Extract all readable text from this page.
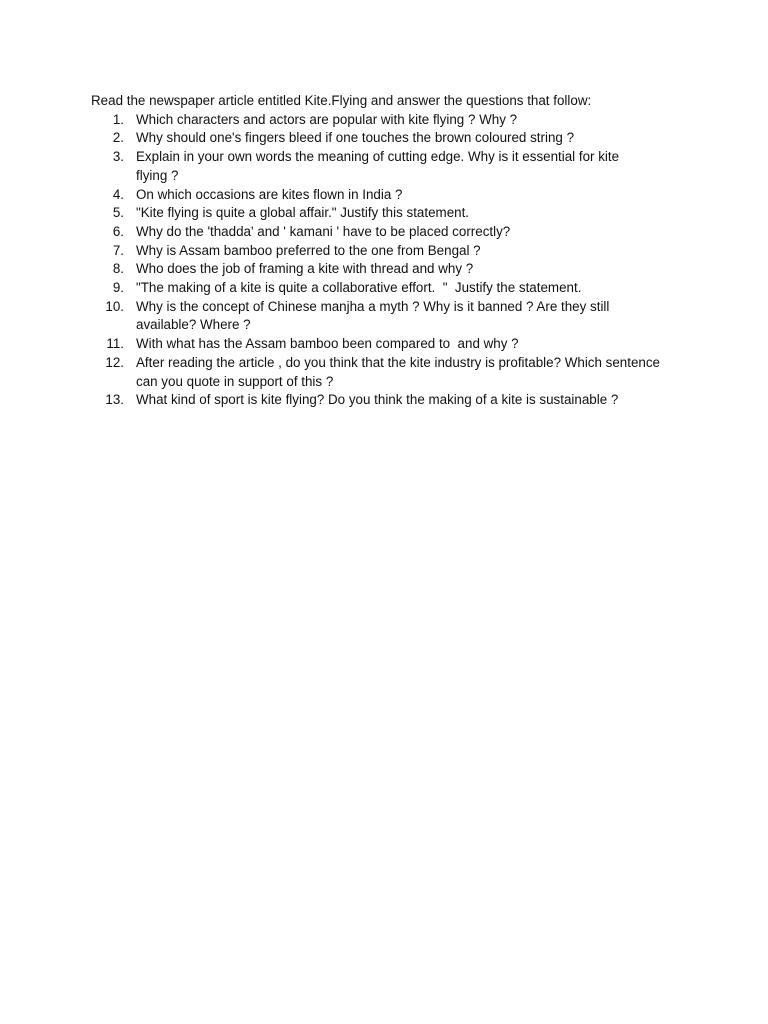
Read the newspaper article entitled Kite.Flying and answer the questions that follow:

1. Which characters and actors are popular with kite flying ? Why ?
2. Why should one's fingers bleed if one touches the brown coloured string ?
3. Explain in your own words the meaning of cutting edge. Why is it essential for kite flying ?
4. On which occasions are kites flown in India ?
5. "Kite flying is quite a global affair." Justify this statement.
6. Why do the 'thadda' and ' kamani ' have to be placed correctly?
7. Why is Assam bamboo preferred to the one from Bengal ?
8. Who does the job of framing a kite with thread and why ?
9. "The making of a kite is quite a collaborative effort.  "  Justify the statement.
10. Why is the concept of Chinese manjha a myth ? Why is it banned ? Are they still available? Where ?
11. With what has the Assam bamboo been compared to  and why ?
12. After reading the article , do you think that the kite industry is profitable? Which sentence can you quote in support of this ?
13. What kind of sport is kite flying? Do you think the making of a kite is sustainable ?
